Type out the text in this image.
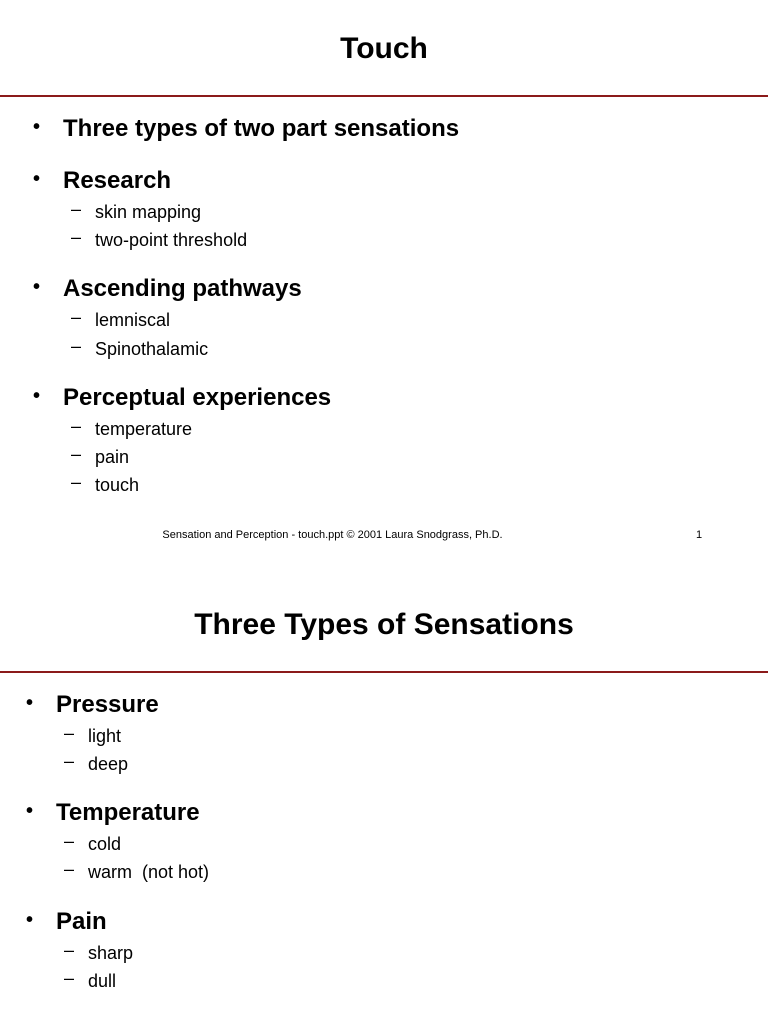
Touch
• Three types of two part sensations
• Research
– skin mapping
– two-point threshold
• Ascending pathways
– lemniscal
– Spinothalamic
• Perceptual experiences
– temperature
– pain
– touch
Sensation and Perception - touch.ppt © 2001 Laura Snodgrass, Ph.D.	1
Three Types of Sensations
• Pressure
– light
– deep
• Temperature
– cold
– warm  (not hot)
• Pain
– sharp
– dull
